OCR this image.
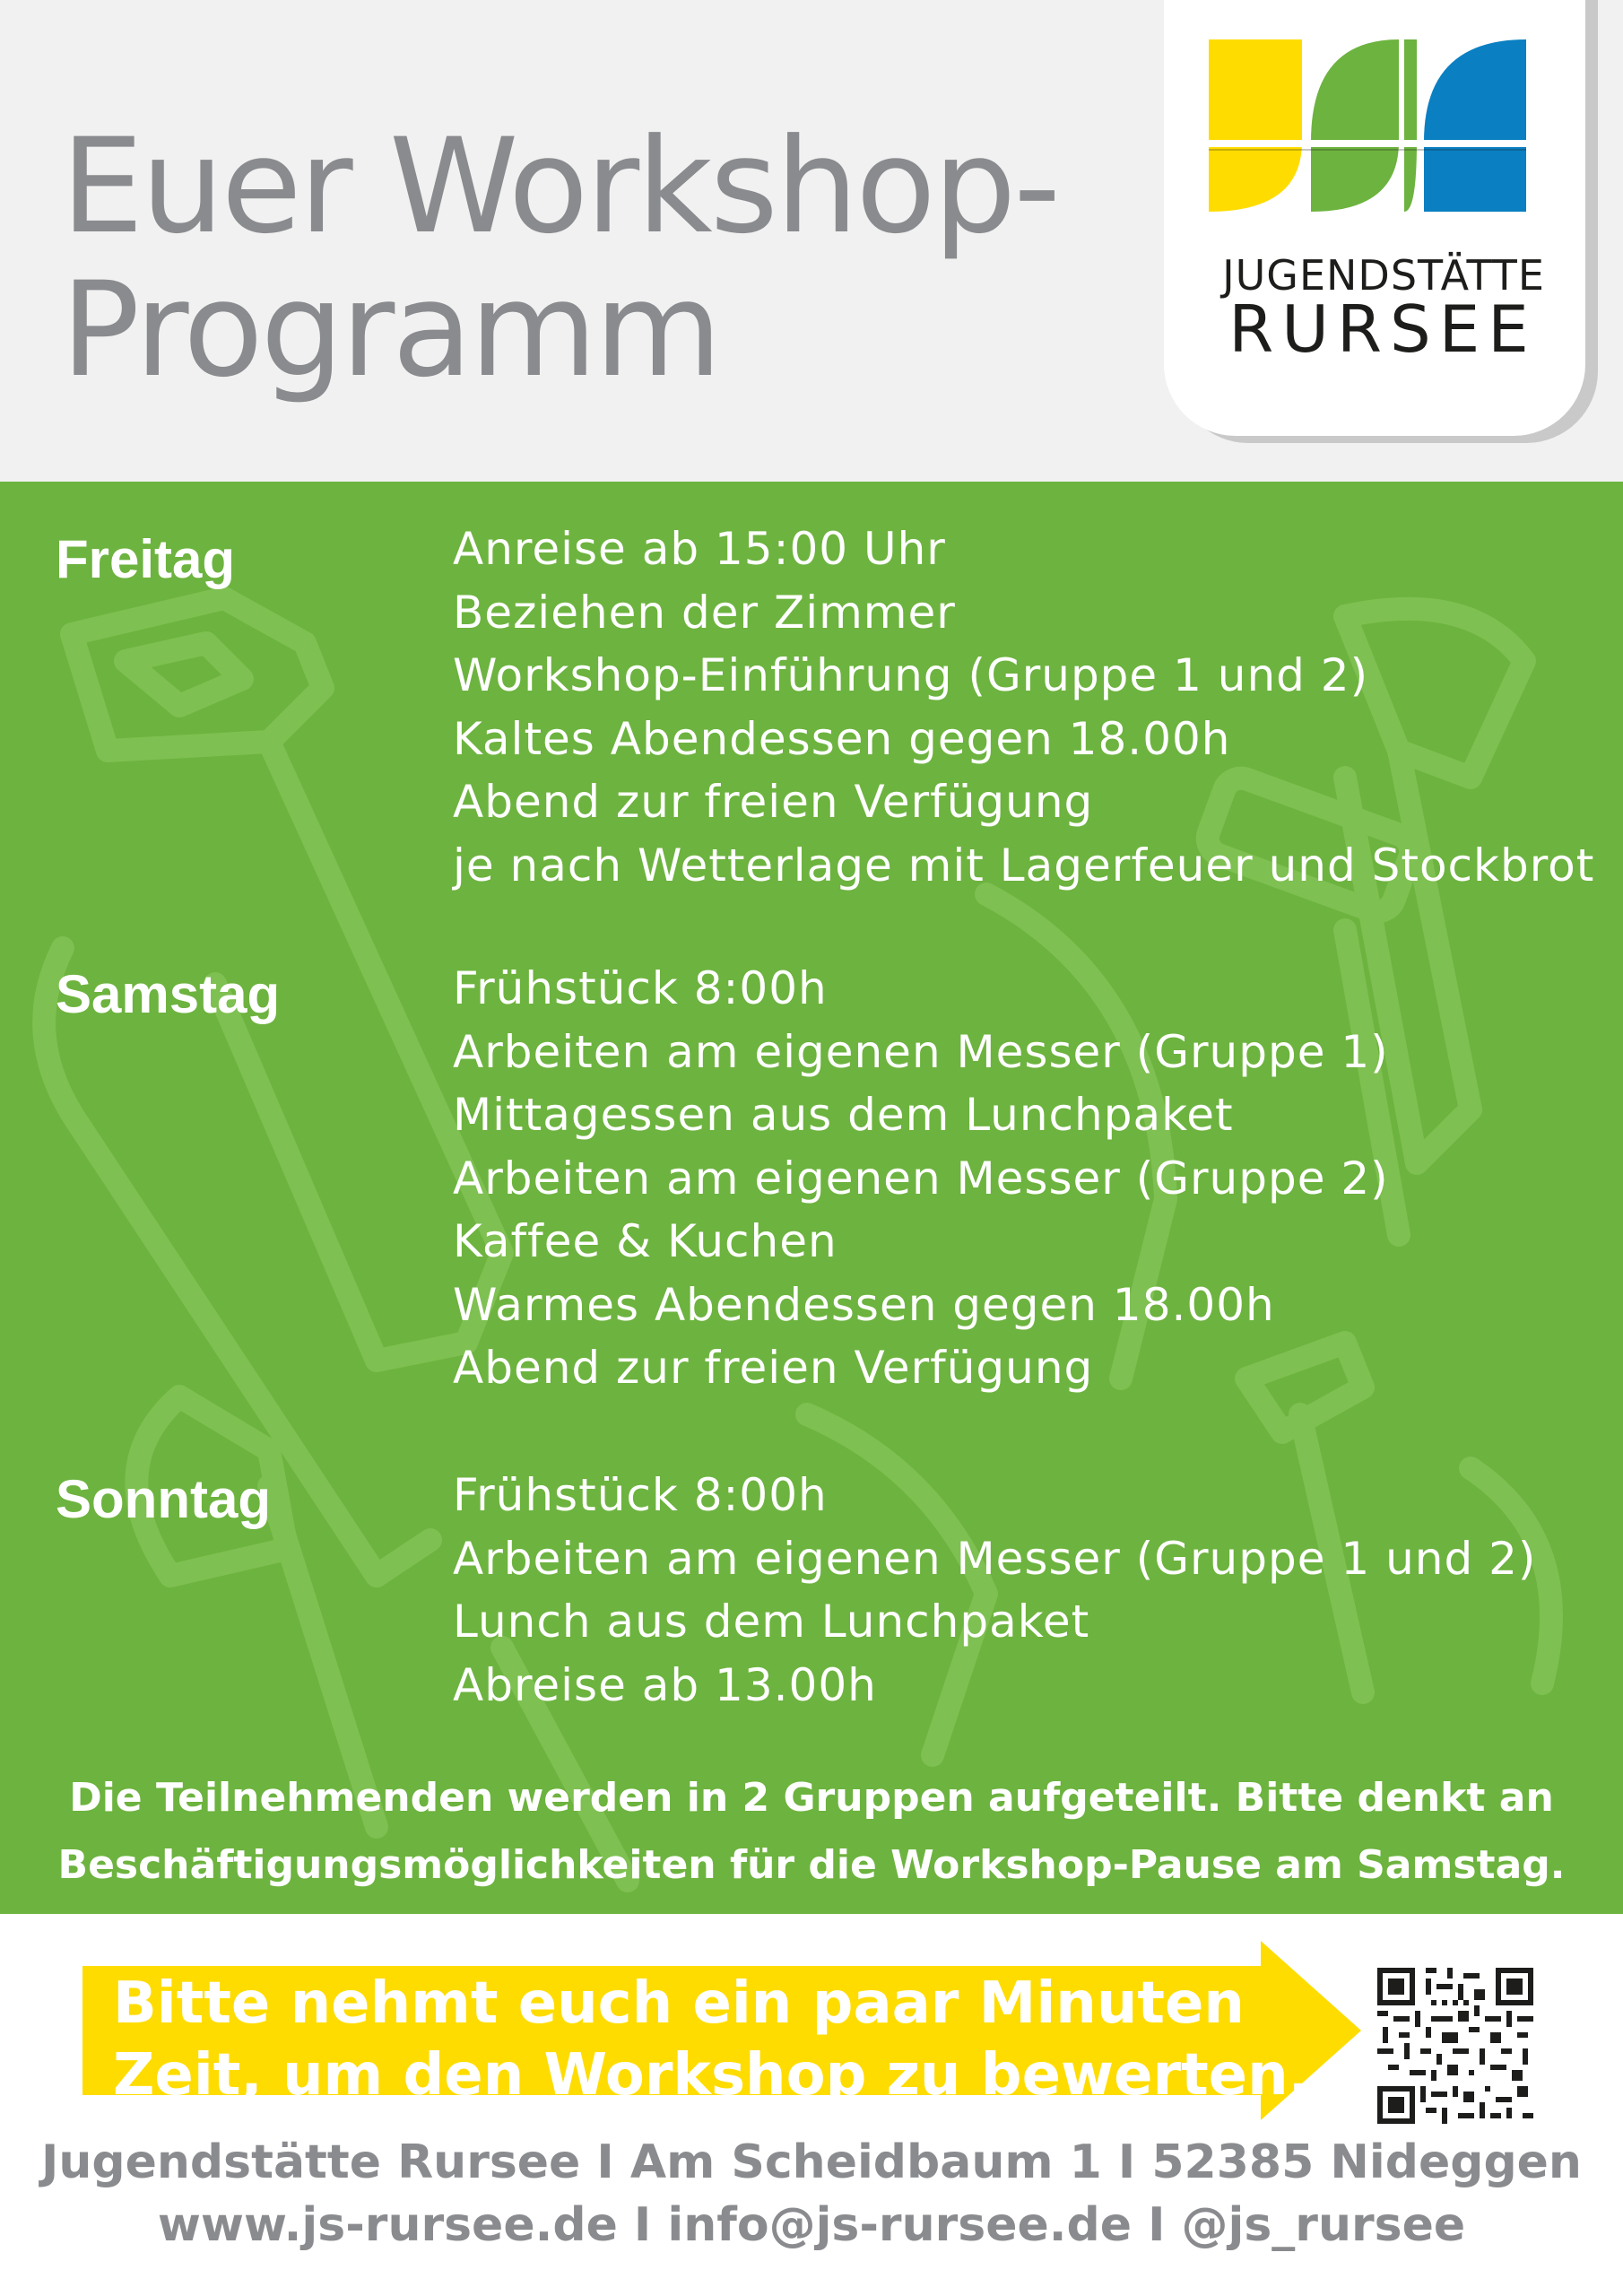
Euer Workshop-
Programm	JUGENDSTÄTTE
RURSEE
Freitag	Anreise ab 15:00 Uhr
Beziehen der Zimmer
Workshop-Einführung (Gruppe 1 und 2)
Kaltes Abendessen gegen 18.00h
Abend zur freien Verfügung
je nach Wetterlage mit Lagerfeuer und Stockbrot
Samstag	Frühstück 8:00h
Arbeiten am eigenen Messer (Gruppe 1)
Mittagessen aus dem Lunchpaket
Arbeiten am eigenen Messer (Gruppe 2)
Kaffee & Kuchen
Warmes Abendessen gegen 18.00h
Abend zur freien Verfügung
Sonntag	Frühstück 8:00h
Arbeiten am eigenen Messer (Gruppe 1 und 2)
Lunch aus dem Lunchpaket
Abreise ab 13.00h
Die Teilnehmenden werden in 2 Gruppen aufgeteilt. Bitte denkt an
Beschäftigungsmöglichkeiten für die Workshop-Pause am Samstag.
Bitte nehmt euch ein paar Minuten
Zeit, um den Workshop zu bewerten.
Jugendstätte Rursee I Am Scheidbaum 1 I 52385 Nideggen
www.js-rursee.de I info@js-rursee.de I @js_rursee
